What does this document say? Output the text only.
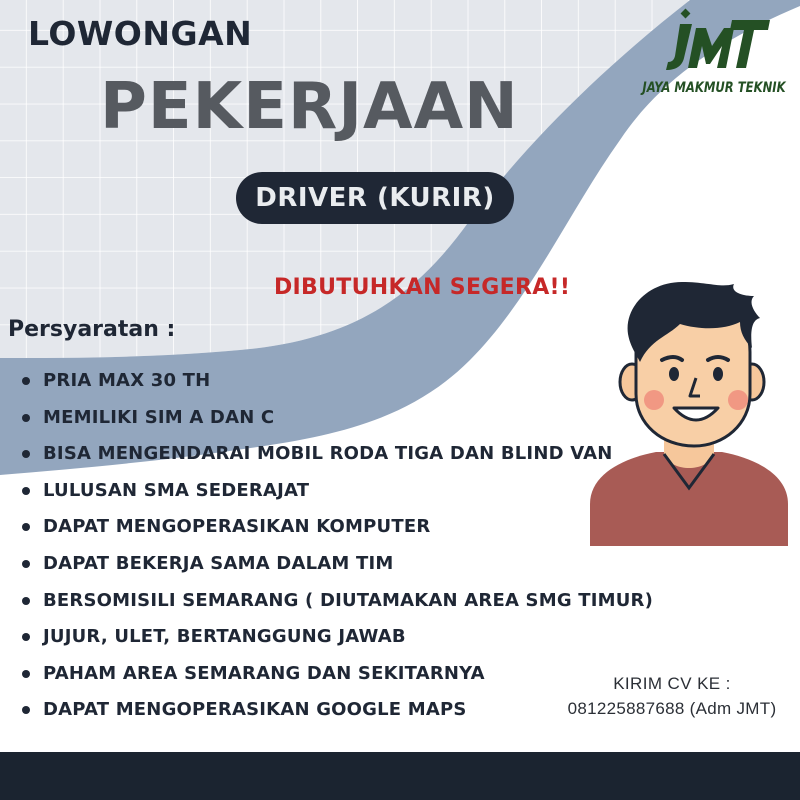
LOWONGAN
PEKERJAAN
DRIVER (KURIR)
DIBUTUHKAN SEGERA!!
Persyaratan :
PRIA MAX 30 TH
MEMILIKI SIM A DAN C
BISA MENGENDARAI MOBIL RODA TIGA DAN BLIND VAN
LULUSAN SMA SEDERAJAT
DAPAT MENGOPERASIKAN KOMPUTER
DAPAT BEKERJA SAMA DALAM TIM
BERSOMISILI SEMARANG ( DIUTAMAKAN AREA SMG TIMUR)
JUJUR, ULET, BERTANGGUNG JAWAB
PAHAM AREA SEMARANG DAN SEKITARNYA
DAPAT MENGOPERASIKAN GOOGLE MAPS
KIRIM CV KE :
081225887688 (Adm JMT)
JAYA MAKMUR TEKNIK
